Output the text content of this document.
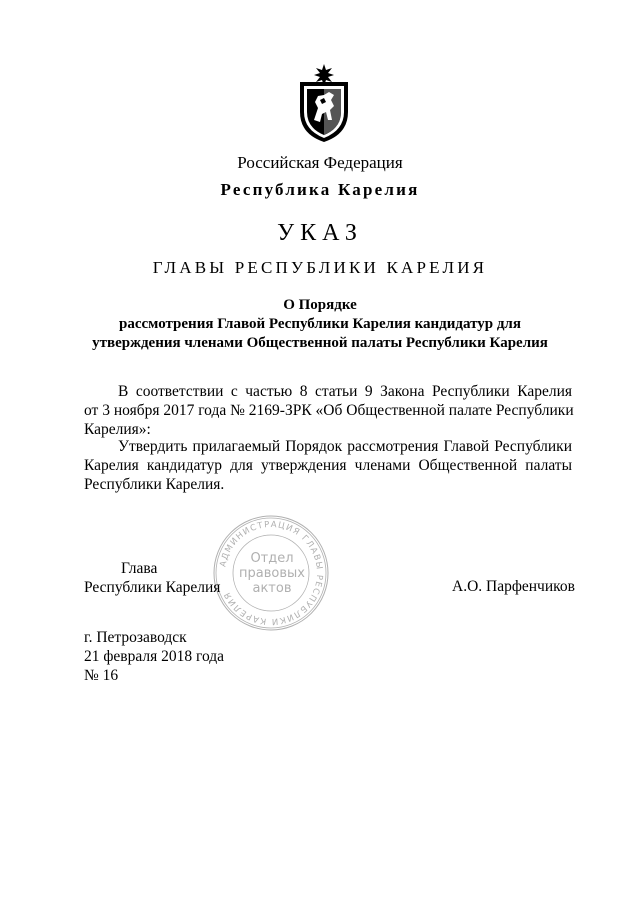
Российская Федерация
Республика Карелия
УКАЗ
ГЛАВЫ РЕСПУБЛИКИ КАРЕЛИЯ
О Порядке
рассмотрения Главой Республики Карелия кандидатур для
утверждения членами Общественной палаты Республики Карелия
В соответствии с частью 8 статьи 9 Закона Республики Карелия
от 3 ноября 2017 года № 2169-ЗРК «Об Общественной палате Республики
Карелия»:
Утвердить прилагаемый Порядок рассмотрения Главой Республики
Карелия кандидатур для утверждения членами Общественной палаты
Республики Карелия.
АДМИНИСТРАЦИЯ ГЛАВЫ РЕСПУБЛИКИ КАРЕЛИЯ
Отдел
правовых
актов
Глава
Республики Карелия	А.О. Парфенчиков
г. Петрозаводск
21 февраля 2018 года
№ 16
